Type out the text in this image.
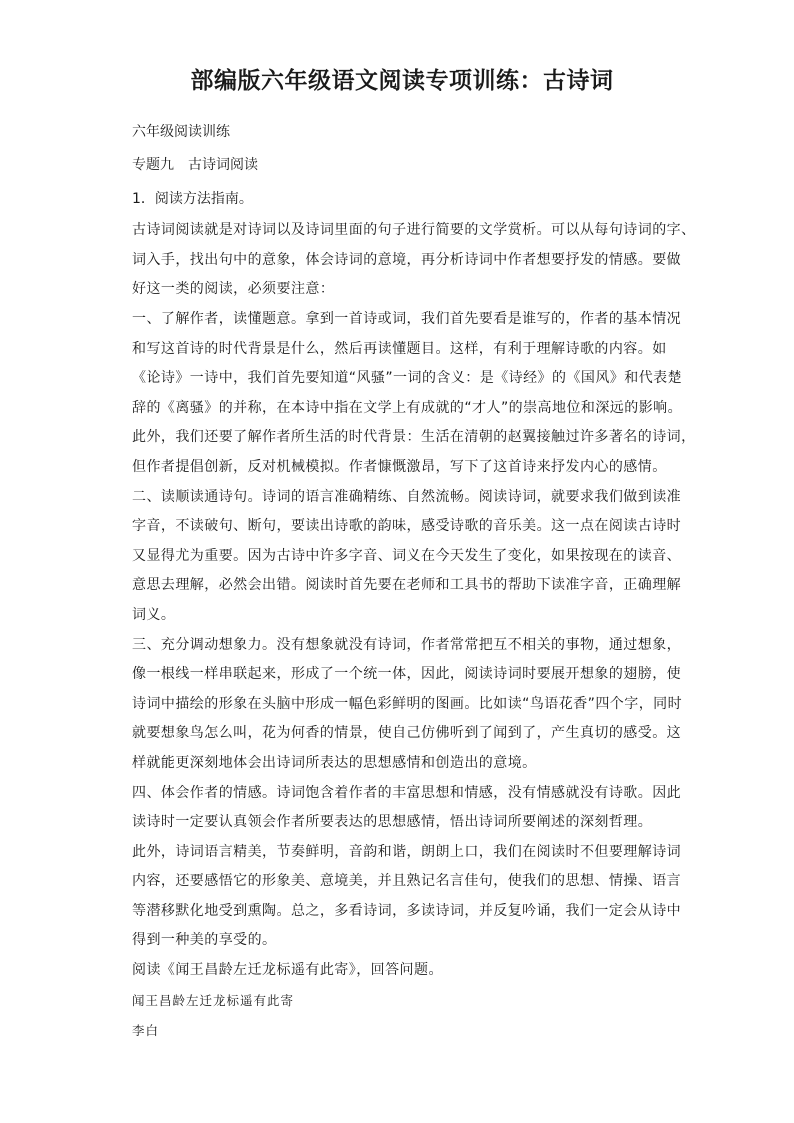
部编版六年级语文阅读专项训练：古诗词
六年级阅读训练
专题九　古诗词阅读
1．阅读方法指南。
古诗词阅读就是对诗词以及诗词里面的句子进行简要的文学赏析。可以从每句诗词的字、
词入手，找出句中的意象，体会诗词的意境，再分析诗词中作者想要抒发的情感。要做
好这一类的阅读，必须要注意：
一、了解作者，读懂题意。拿到一首诗或词，我们首先要看是谁写的，作者的基本情况
和写这首诗的时代背景是什么，然后再读懂题目。这样，有利于理解诗歌的内容。如
《论诗》一诗中，我们首先要知道“风骚”一词的含义：是《诗经》的《国风》和代表楚
辞的《离骚》的并称，在本诗中指在文学上有成就的“才人”的崇高地位和深远的影响。
此外，我们还要了解作者所生活的时代背景：生活在清朝的赵翼接触过许多著名的诗词，
但作者提倡创新，反对机械模拟。作者慷慨激昂，写下了这首诗来抒发内心的感情。
二、读顺读通诗句。诗词的语言准确精练、自然流畅。阅读诗词，就要求我们做到读准
字音，不读破句、断句，要读出诗歌的韵味，感受诗歌的音乐美。这一点在阅读古诗时
又显得尤为重要。因为古诗中许多字音、词义在今天发生了变化，如果按现在的读音、
意思去理解，必然会出错。阅读时首先要在老师和工具书的帮助下读准字音，正确理解
词义。
三、充分调动想象力。没有想象就没有诗词，作者常常把互不相关的事物，通过想象，
像一根线一样串联起来，形成了一个统一体，因此，阅读诗词时要展开想象的翅膀，使
诗词中描绘的形象在头脑中形成一幅色彩鲜明的图画。比如读“鸟语花香”四个字，同时
就要想象鸟怎么叫，花为何香的情景，使自己仿佛听到了闻到了，产生真切的感受。这
样就能更深刻地体会出诗词所表达的思想感情和创造出的意境。
四、体会作者的情感。诗词饱含着作者的丰富思想和情感，没有情感就没有诗歌。因此
读诗时一定要认真领会作者所要表达的思想感情，悟出诗词所要阐述的深刻哲理。
此外，诗词语言精美，节奏鲜明，音韵和谐，朗朗上口，我们在阅读时不但要理解诗词
内容，还要感悟它的形象美、意境美，并且熟记名言佳句，使我们的思想、情操、语言
等潜移默化地受到熏陶。总之，多看诗词，多读诗词，并反复吟诵，我们一定会从诗中
得到一种美的享受的。
阅读《闻王昌龄左迁龙标遥有此寄》，回答问题。
闻王昌龄左迁龙标遥有此寄
李白
